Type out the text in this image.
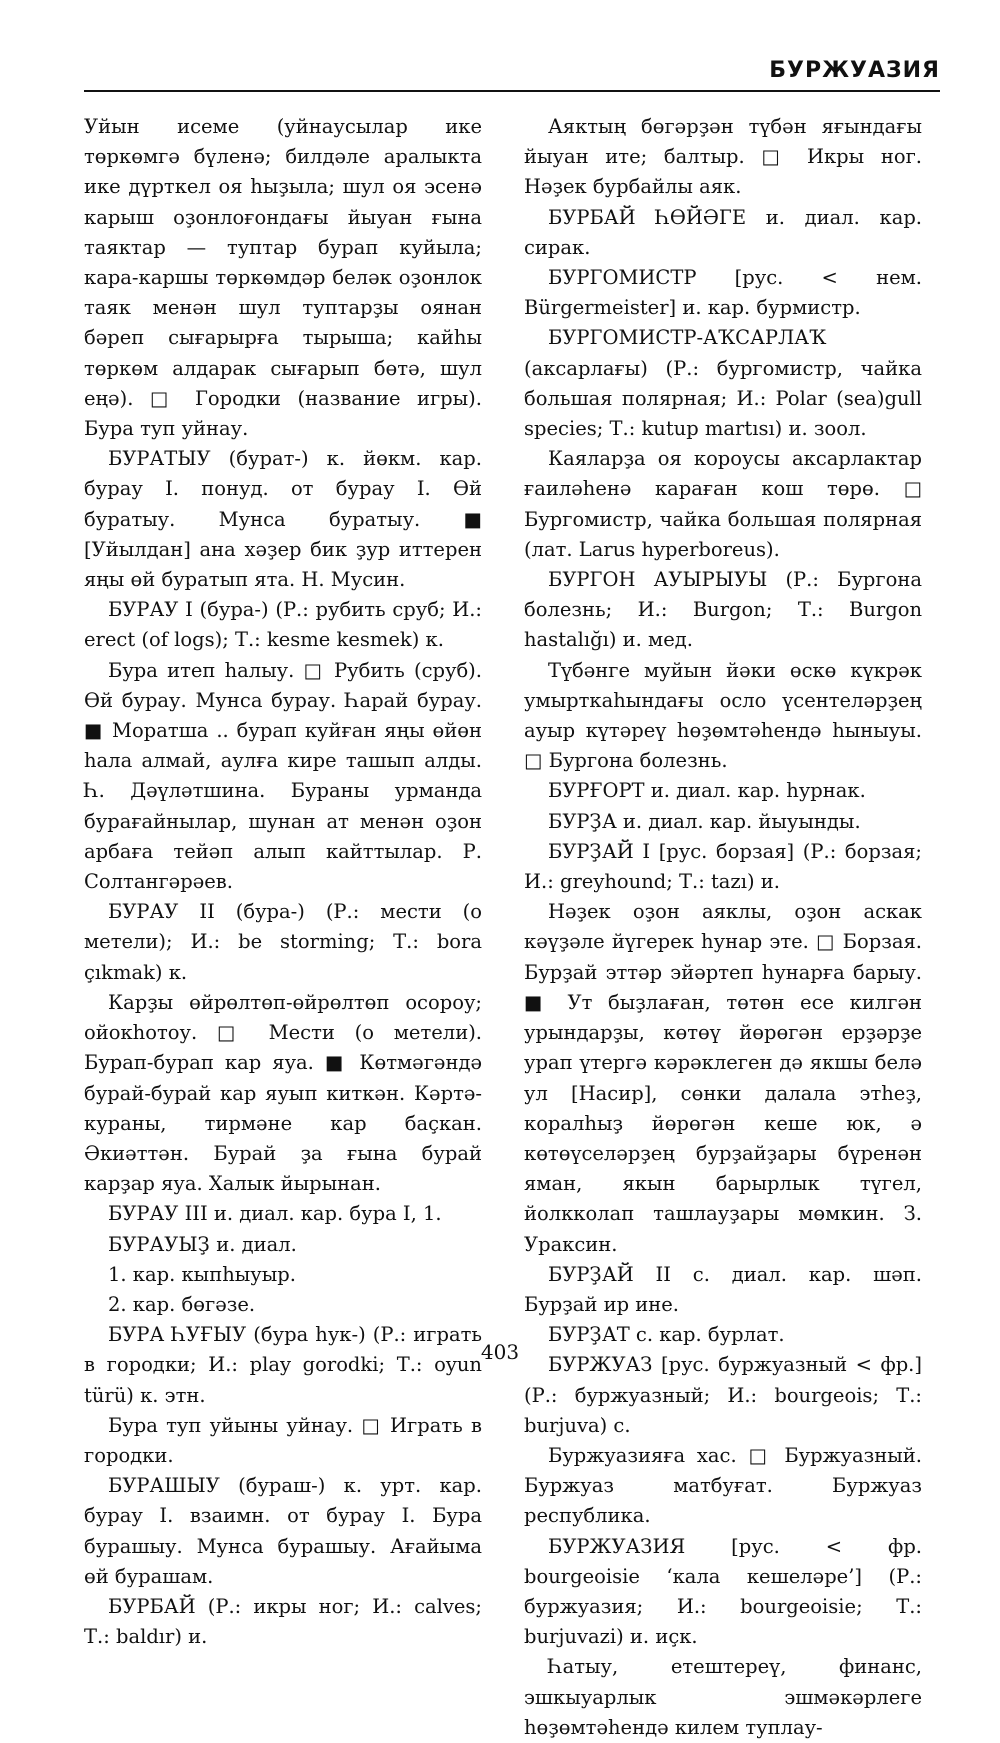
БУРЖУАЗИЯ

Уйын исеме (уйнаусылар ике төркөмгә бүленә; билдәле аралыкта ике дүрткел оя һыҙыла; шул оя эсенә карыш оҙонлоғондағы йыуан ғына таяктар — туптар бурап куйыла; кара-каршы төркөмдәр беләк оҙонлок таяк менән шул туптарҙы оянан бәреп сығарырға тырыша; кайһы төркөм алдарак сығарып бөтә, шул еңә). □ Городки (название игры). Бура туп уйнау.

БУРАТЫУ (бурат-) к. йөкм. кар. бурау I. понуд. от бурау I. Өй буратыу. Мунса буратыу. ■ [Уйылдан] ана хәҙер бик ҙур иттерен яңы өй буратып ята. Н. Мусин.

БУРАУ I (бура-) (Р.: рубить сруб; И.: erect (of logs); Т.: kesme kesmek) к.

Бура итеп һалыу. □ Рубить (сруб). Өй бурау. Мунса бурау. Һарай бурау. ■ Моратша .. бурап куйған яңы өйөн һала алмай, аулға кире ташып алды. Һ. Дәүләтшина. Бураны урманда бурағайнылар, шунан ат менән оҙон арбаға тейәп алып кайттылар. Р. Солтангәрәев.

БУРАУ II (бура-) (Р.: мести (о метели); И.: be storming; Т.: bora çıkmak) к.

Карҙы өйрөлтөп-өйрөлтөп осороу; ойокһотоу. □ Мести (о метели). Бурап-бурап кар яуа. ■ Көтмәгәндә бурай-бурай кар яуып киткән. Кәртә-кураны, тирмәне кар баҫкан. Әкиәттән. Бурай ҙа ғына бурай карҙар яуа. Халык йырынан.

БУРАУ III и. диал. кар. бура I, 1.

БУРАУЫҘ и. диал.

1. кар. кыпһыуыр.

2. кар. бөгәзе.

БУРА ҺУҒЫУ (бура һук-) (Р.: играть в городки; И.: play gorodki; Т.: oyun türü) к. этн.

Бура туп уйыны уйнау. □ Играть в городки.

БУРАШЫУ (бураш-) к. урт. кар. бурау I. взаимн. от бурау I. Бура бурашыу. Мунса бурашыу. Ағайыма өй бурашам.

БУРБАЙ (Р.: икры ног; И.: calves; Т.: baldır) и.

Аяктың бөгәрҙән түбән яғындағы йыуан ите; балтыр. □ Икры ног. Нәҙек бурбайлы аяк.

БУРБАЙ ҺӨЙӘГЕ и. диал. кар. сирак.

БУРГОМИСТР [рус. < нем. Bürgermeister] и. кар. бурмистр.

БУРГОМИСТР-АҠСАРЛАҠ (аксарлағы) (Р.: бургомистр, чайка большая полярная; И.: Polar (sea)gull species; Т.: kutup martısı) и. зоол.

Каяларҙа оя короусы аксарлактар ғаиләһенә караған кош төрө. □ Бургомистр, чайка большая полярная (лат. Larus hyperboreus).

БУРГОН АУЫРЫУЫ (Р.: Бургона болезнь; И.: Burgon; Т.: Burgon hastalığı) и. мед.

Түбәнге муйын йәки өскө күкрәк умырткаһындағы осло үсентеләрҙең ауыр күтәреү һөҙөмтәһендә һыныуы. □ Бургона болезнь.

БУРҒОРТ и. диал. кар. һурнак.

БУРҘА и. диал. кар. йыуынды.

БУРҘАЙ I [рус. борзая] (Р.: борзая; И.: greyhound; Т.: tazı) и.

Нәҙек оҙон аяклы, оҙон аскак кәүҙәле йүгерек һунар эте. □ Борзая. Бурҙай эттәр эйәртеп һунарға барыу. ■ Ут быҙлаған, төтөн есе килгән урындарҙы, көтөү йөрөгән ерҙәрҙе урап үтергә кәрәклеген дә якшы белә ул [Насир], сөнки далала этһеҙ, коралһыҙ йөрөгән кеше юк, ә көтөүселәрҙең бурҙайҙары бүренән яман, якын барырлык түгел, йолкколап ташлауҙары мөмкин. З. Ураксин.

БУРҘАЙ II с. диал. кар. шәп. Бурҙай ир ине.

БУРҘАТ с. кар. бурлат.

БУРЖУАЗ [рус. буржуазный < фр.] (Р.: буржуазный; И.: bourgeois; Т.: burjuva) с.

Буржуазияға хас. □ Буржуазный. Буржуаз матбуғат. Буржуаз республика.

БУРЖУАЗИЯ [рус. < фр. bourgeoisie ‘кала кешеләре’] (Р.: буржуазия; И.: bourgeoisie; Т.: burjuvazi) и. иҫк.

Һатыу, етештереү, финанс, эшкыуарлык эшмәкәрлеге һөҙөмтәһендә килем туплау-

403
